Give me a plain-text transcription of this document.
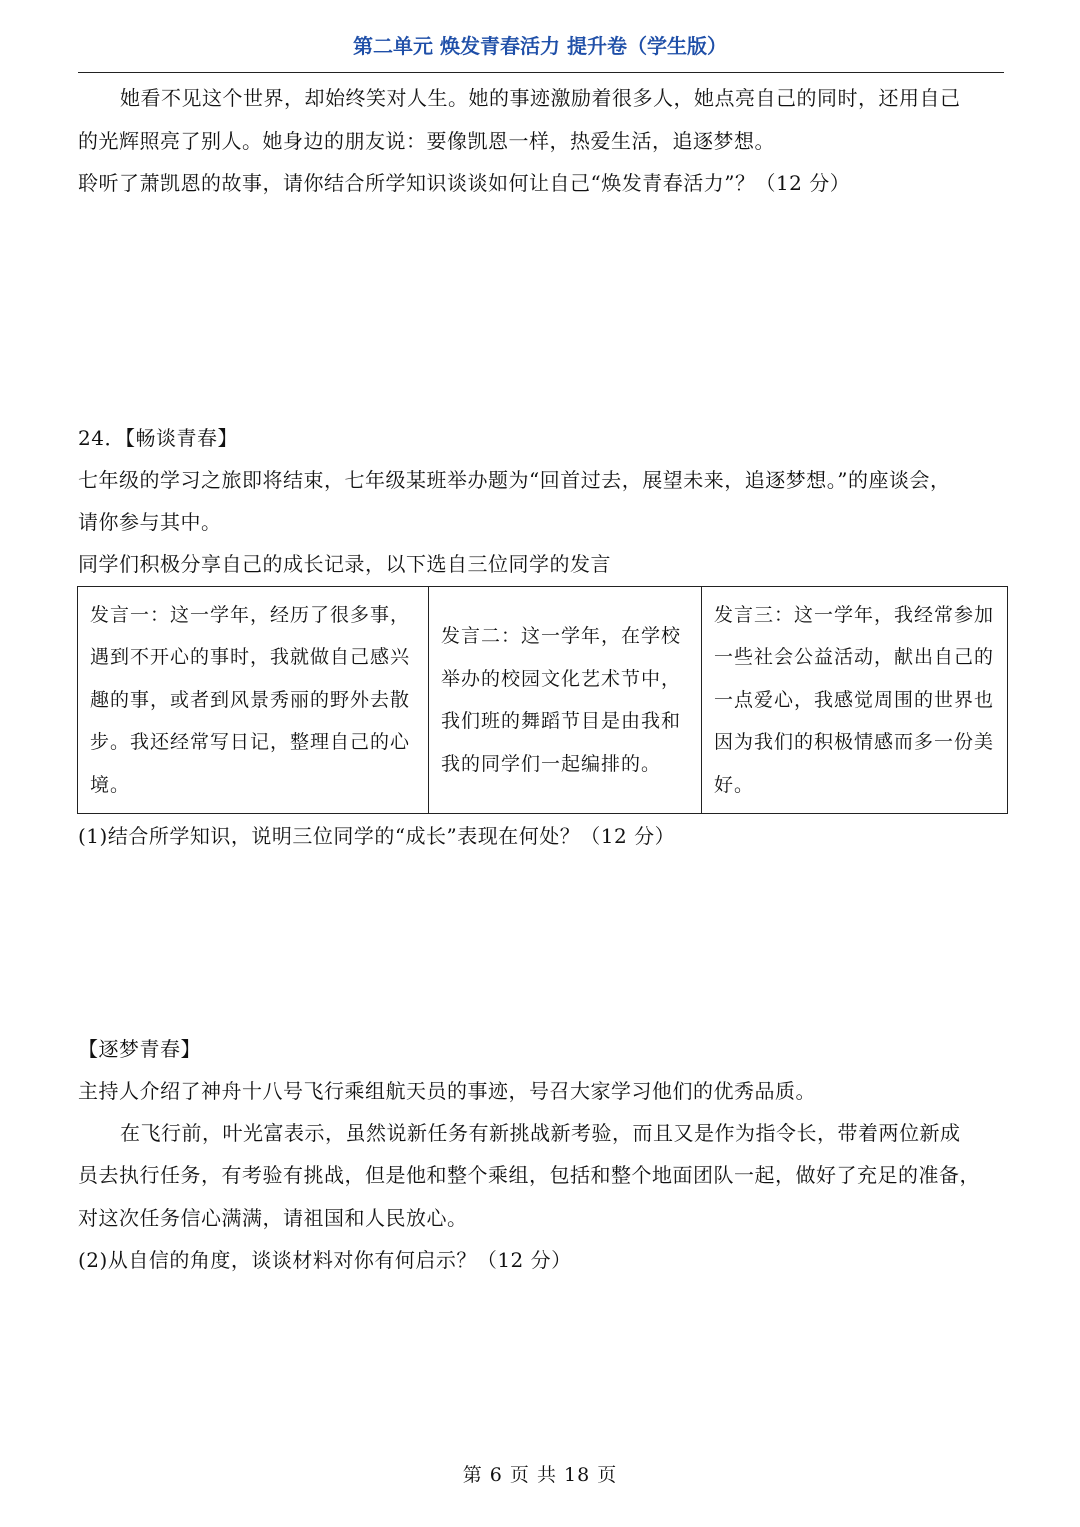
第二单元 焕发青春活力 提升卷（学生版）
她看不见这个世界，却始终笑对人生。她的事迹激励着很多人，她点亮自己的同时，还用自己
的光辉照亮了别人。她身边的朋友说：要像凯恩一样，热爱生活，追逐梦想。
聆听了萧凯恩的故事，请你结合所学知识谈谈如何让自己“焕发青春活力”？（12 分）
24．【畅谈青春】
七年级的学习之旅即将结束，七年级某班举办题为“回首过去，展望未来，追逐梦想。”的座谈会，
请你参与其中。
同学们积极分享自己的成长记录，以下选自三位同学的发言
发言一：这一学年，经历了很多事，遇到不开心的事时，我就做自己感兴趣的事，或者到风景秀丽的野外去散步。我还经常写日记，整理自己的心境。	发言二：这一学年，在学校举办的校园文化艺术节中，我们班的舞蹈节目是由我和我的同学们一起编排的。	发言三：这一学年，我经常参加一些社会公益活动，献出自己的一点爱心，我感觉周围的世界也因为我们的积极情感而多一份美好。
(1)结合所学知识，说明三位同学的“成长”表现在何处？（12 分）
【逐梦青春】
主持人介绍了神舟十八号飞行乘组航天员的事迹，号召大家学习他们的优秀品质。
在飞行前，叶光富表示，虽然说新任务有新挑战新考验，而且又是作为指令长，带着两位新成
员去执行任务，有考验有挑战，但是他和整个乘组，包括和整个地面团队一起，做好了充足的准备，
对这次任务信心满满，请祖国和人民放心。
(2)从自信的角度，谈谈材料对你有何启示？（12 分）
第 6 页 共 18 页
